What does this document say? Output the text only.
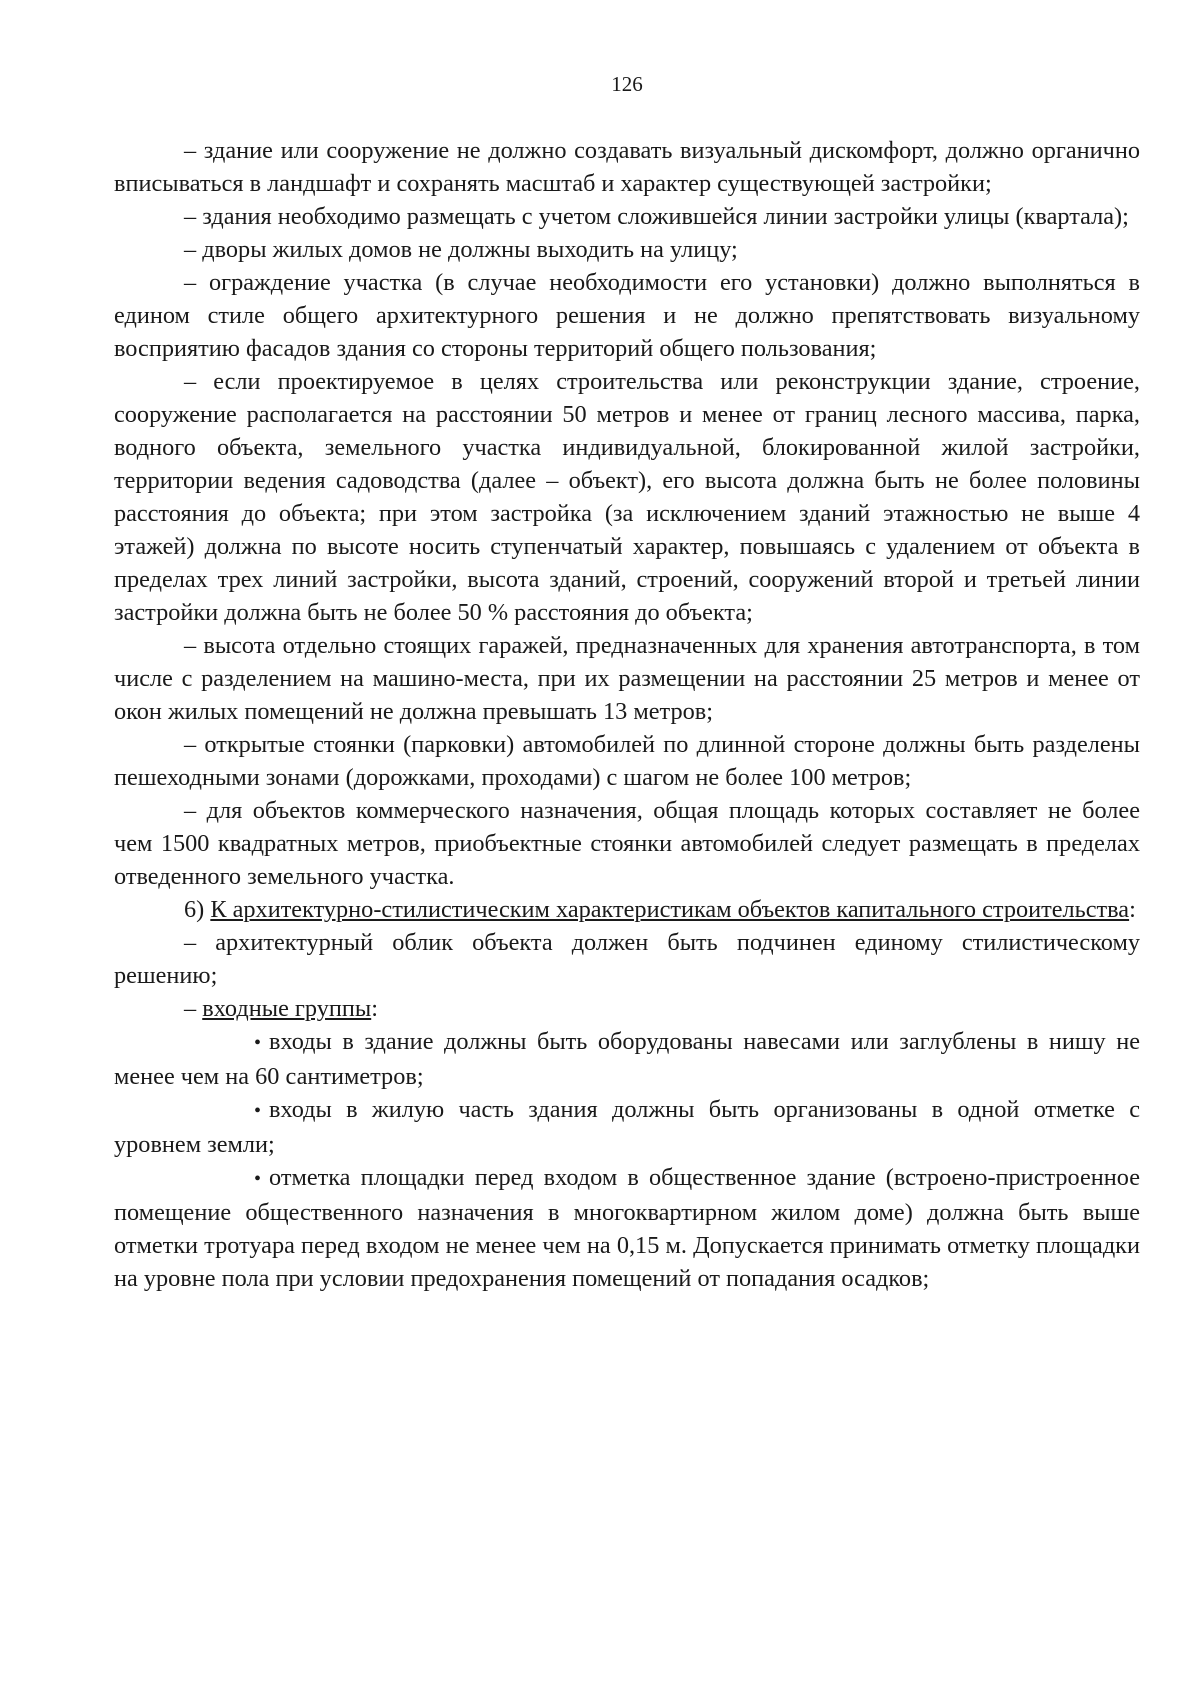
126

– здание или сооружение не должно создавать визуальный дискомфорт, должно органично вписываться в ландшафт и сохранять масштаб и характер существующей застройки;

– здания необходимо размещать с учетом сложившейся линии застройки улицы (квартала);

– дворы жилых домов не должны выходить на улицу;

– ограждение участка (в случае необходимости его установки) должно выполняться в едином стиле общего архитектурного решения и не должно препятствовать визуальному восприятию фасадов здания со стороны территорий общего пользования;

– если проектируемое в целях строительства или реконструкции здание, строение, сооружение располагается на расстоянии 50 метров и менее от границ лесного массива, парка, водного объекта, земельного участка индивидуальной, блокированной жилой застройки, территории ведения садоводства (далее – объект), его высота должна быть не более половины расстояния до объекта; при этом застройка (за исключением зданий этажностью не выше 4 этажей) должна по высоте носить ступенчатый характер, повышаясь с удалением от объекта в пределах трех линий застройки, высота зданий, строений, сооружений второй и третьей линии застройки должна быть не более 50 % расстояния до объекта;

– высота отдельно стоящих гаражей, предназначенных для хранения автотранспорта, в том числе с разделением на машино-места, при их размещении на расстоянии 25 метров и менее от окон жилых помещений не должна превышать 13 метров;

– открытые стоянки (парковки) автомобилей по длинной стороне должны быть разделены пешеходными зонами (дорожками, проходами) с шагом не более 100 метров;

– для объектов коммерческого назначения, общая площадь которых составляет не более чем 1500 квадратных метров, приобъектные стоянки автомобилей следует размещать в пределах отведенного земельного участка.

6) К архитектурно-стилистическим характеристикам объектов капитального строительства:

– архитектурный облик объекта должен быть подчинен единому стилистическому решению;

– входные группы:

• входы в здание должны быть оборудованы навесами или заглублены в нишу не менее чем на 60 сантиметров;

• входы в жилую часть здания должны быть организованы в одной отметке с уровнем земли;

• отметка площадки перед входом в общественное здание (встроено-пристроенное помещение общественного назначения в многоквартирном жилом доме) должна быть выше отметки тротуара перед входом не менее чем на 0,15 м. Допускается принимать отметку площадки на уровне пола при условии предохранения помещений от попадания осадков;
